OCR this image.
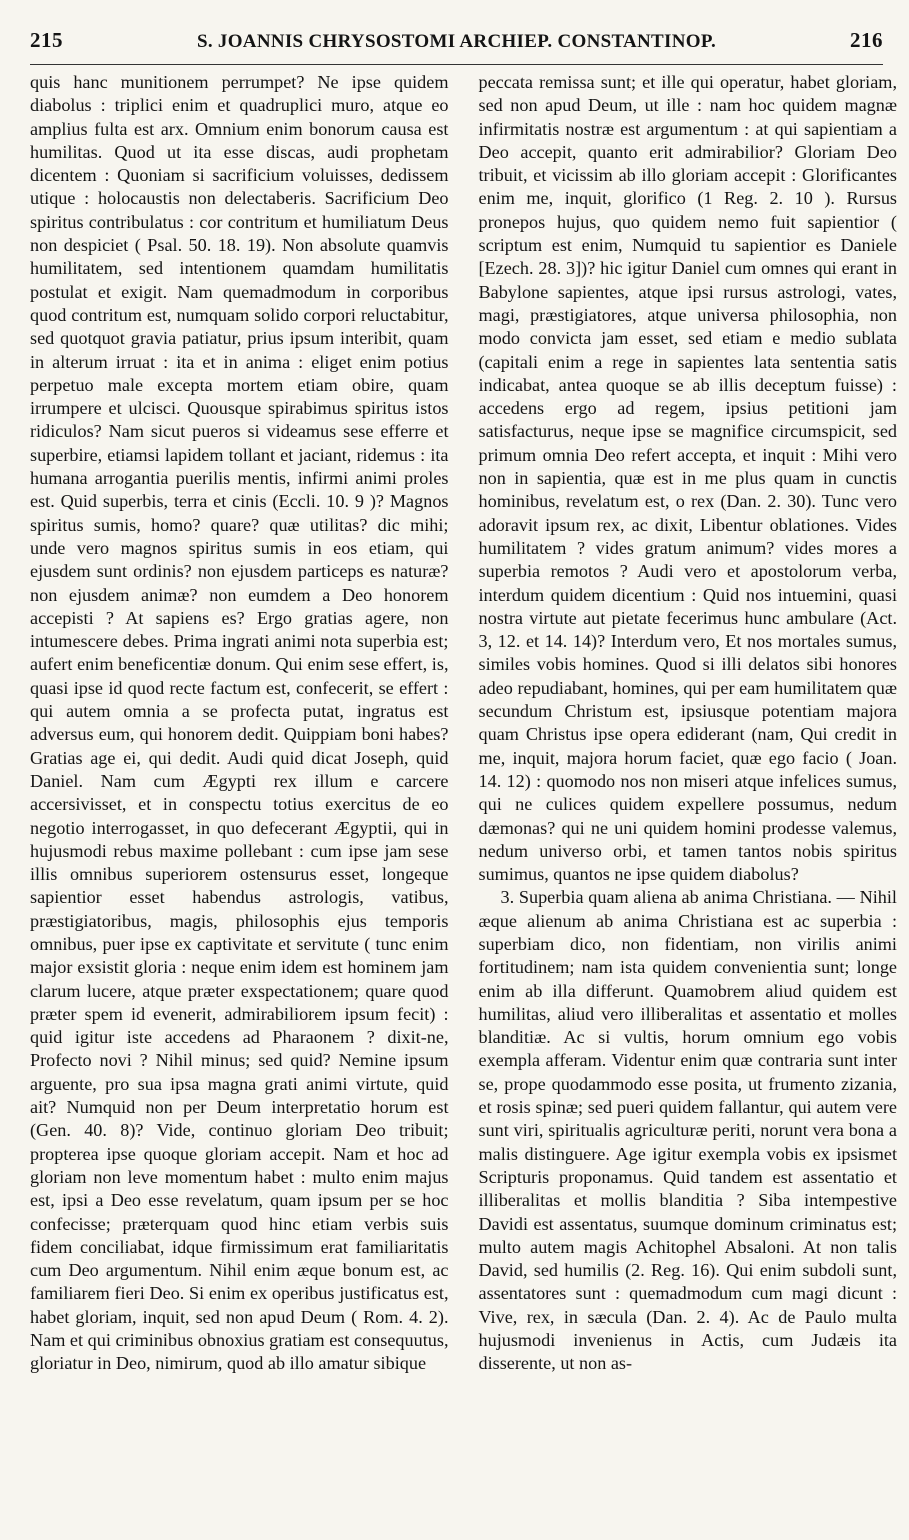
215	S. JOANNIS CHRYSOSTOMI ARCHIEP. CONSTANTINOP.	216

quis hanc munitionem perrumpet? Ne ipse quidem diabolus : triplici enim et quadruplici muro, atque eo amplius fulta est arx. Omnium enim bonorum causa est humilitas. Quod ut ita esse discas, audi prophetam dicentem : Quoniam si sacrificium voluisses, dedissem utique : holocaustis non delectaberis. Sacrificium Deo spiritus contribulatus : cor contritum et humiliatum Deus non despiciet ( Psal. 50. 18. 19). Non absolute quamvis humilitatem, sed intentionem quamdam humilitatis postulat et exigit. Nam quemadmodum in corporibus quod contritum est, numquam solido corpori reluctabitur, sed quotquot gravia patiatur, prius ipsum interibit, quam in alterum irruat : ita et in anima : eliget enim potius perpetuo male excepta mortem etiam obire, quam irrumpere et ulcisci. Quousque spirabimus spiritus istos ridiculos? Nam sicut pueros si videamus sese efferre et superbire, etiamsi lapidem tollant et jaciant, ridemus : ita humana arrogantia puerilis mentis, infirmi animi proles est. Quid superbis, terra et cinis (Eccli. 10. 9 )? Magnos spiritus sumis, homo? quare? quæ utilitas? dic mihi; unde vero magnos spiritus sumis in eos etiam, qui ejusdem sunt ordinis? non ejusdem particeps es naturæ? non ejusdem animæ? non eumdem a Deo honorem accepisti ? At sapiens es? Ergo gratias agere, non intumescere debes. Prima ingrati animi nota superbia est; aufert enim beneficentiæ donum. Qui enim sese effert, is, quasi ipse id quod recte factum est, confecerit, se effert : qui autem omnia a se profecta putat, ingratus est adversus eum, qui honorem dedit. Quippiam boni habes? Gratias age ei, qui dedit. Audi quid dicat Joseph, quid Daniel. Nam cum Ægypti rex illum e carcere accersivisset, et in conspectu totius exercitus de eo negotio interrogasset, in quo defecerant Ægyptii, qui in hujusmodi rebus maxime pollebant : cum ipse jam sese illis omnibus superiorem ostensurus esset, longeque sapientior esset habendus astrologis, vatibus, præstigiatoribus, magis, philosophis ejus temporis omnibus, puer ipse ex captivitate et servitute ( tunc enim major exsistit gloria : neque enim idem est hominem jam clarum lucere, atque præter exspectationem; quare quod præter spem id evenerit, admirabiliorem ipsum fecit) : quid igitur iste accedens ad Pharaonem ? dixit-ne, Profecto novi ? Nihil minus; sed quid? Nemine ipsum arguente, pro sua ipsa magna grati animi virtute, quid ait? Numquid non per Deum interpretatio horum est (Gen. 40. 8)? Vide, continuo gloriam Deo tribuit; propterea ipse quoque gloriam accepit. Nam et hoc ad gloriam non leve momentum habet : multo enim majus est, ipsi a Deo esse revelatum, quam ipsum per se hoc confecisse; præterquam quod hinc etiam verbis suis fidem conciliabat, idque firmissimum erat familiaritatis cum Deo argumentum. Nihil enim æque bonum est, ac familiarem fieri Deo. Si enim ex operibus justificatus est, habet gloriam, inquit, sed non apud Deum ( Rom. 4. 2). Nam et qui criminibus obnoxius gratiam est consequutus, gloriatur in Deo, nimirum, quod ab illo amatur sibique

peccata remissa sunt; et ille qui operatur, habet gloriam, sed non apud Deum, ut ille : nam hoc quidem magnæ infirmitatis nostræ est argumentum : at qui sapientiam a Deo accepit, quanto erit admirabilior? Gloriam Deo tribuit, et vicissim ab illo gloriam accepit : Glorificantes enim me, inquit, glorifico (1 Reg. 2. 10 ). Rursus pronepos hujus, quo quidem nemo fuit sapientior ( scriptum est enim, Numquid tu sapientior es Daniele [Ezech. 28. 3])? hic igitur Daniel cum omnes qui erant in Babylone sapientes, atque ipsi rursus astrologi, vates, magi, præstigiatores, atque universa philosophia, non modo convicta jam esset, sed etiam e medio sublata (capitali enim a rege in sapientes lata sententia satis indicabat, antea quoque se ab illis deceptum fuisse) : accedens ergo ad regem, ipsius petitioni jam satisfacturus, neque ipse se magnifice circumspicit, sed primum omnia Deo refert accepta, et inquit : Mihi vero non in sapientia, quæ est in me plus quam in cunctis hominibus, revelatum est, o rex (Dan. 2. 30). Tunc vero adoravit ipsum rex, ac dixit, Libentur oblationes. Vides humilitatem ? vides gratum animum? vides mores a superbia remotos ? Audi vero et apostolorum verba, interdum quidem dicentium : Quid nos intuemini, quasi nostra virtute aut pietate fecerimus hunc ambulare (Act. 3, 12. et 14. 14)? Interdum vero, Et nos mortales sumus, similes vobis homines. Quod si illi delatos sibi honores adeo repudiabant, homines, qui per eam humilitatem quæ secundum Christum est, ipsiusque potentiam majora quam Christus ipse opera ediderant (nam, Qui credit in me, inquit, majora horum faciet, quæ ego facio ( Joan. 14. 12) : quomodo nos non miseri atque infelices sumus, qui ne culices quidem expellere possumus, nedum dæmonas? qui ne uni quidem homini prodesse valemus, nedum universo orbi, et tamen tantos nobis spiritus sumimus, quantos ne ipse quidem diabolus?

3. Superbia quam aliena ab anima Christiana. — Nihil æque alienum ab anima Christiana est ac superbia : superbiam dico, non fidentiam, non virilis animi fortitudinem; nam ista quidem convenientia sunt; longe enim ab illa differunt. Quamobrem aliud quidem est humilitas, aliud vero illiberalitas et assentatio et molles blanditiæ. Ac si vultis, horum omnium ego vobis exempla afferam. Videntur enim quæ contraria sunt inter se, prope quodammodo esse posita, ut frumento zizania, et rosis spinæ; sed pueri quidem fallantur, qui autem vere sunt viri, spiritualis agriculturæ periti, norunt vera bona a malis distinguere. Age igitur exempla vobis ex ipsismet Scripturis proponamus. Quid tandem est assentatio et illiberalitas et mollis blanditia ? Siba intempestive Davidi est assentatus, suumque dominum criminatus est; multo autem magis Achitophel Absaloni. At non talis David, sed humilis (2. Reg. 16). Qui enim subdoli sunt, assentatores sunt : quemadmodum cum magi dicunt : Vive, rex, in sæcula (Dan. 2. 4). Ac de Paulo multa hujusmodi invenienus in Actis, cum Judæis ita disserente, ut non as-
